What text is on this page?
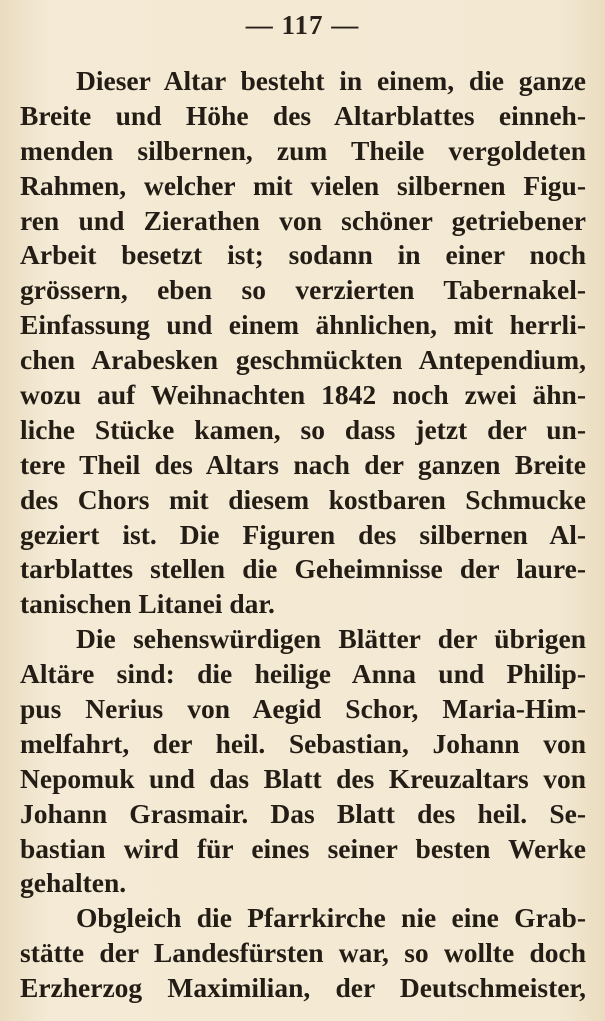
— 117 —
Dieser Altar besteht in einem, die ganze
Breite und Höhe des Altarblattes einneh-
menden silbernen, zum Theile vergoldeten
Rahmen, welcher mit vielen silbernen Figu-
ren und Zierathen von schöner getriebener
Arbeit besetzt ist; sodann in einer noch
grössern, eben so verzierten Tabernakel-
Einfassung und einem ähnlichen, mit herrli-
chen Arabesken geschmückten Antependium,
wozu auf Weihnachten 1842 noch zwei ähn-
liche Stücke kamen, so dass jetzt der un-
tere Theil des Altars nach der ganzen Breite
des Chors mit diesem kostbaren Schmucke
geziert ist. Die Figuren des silbernen Al-
tarblattes stellen die Geheimnisse der laure-
tanischen Litanei dar.
Die sehenswürdigen Blätter der übrigen
Altäre sind: die heilige Anna und Philip-
pus Nerius von Aegid Schor, Maria-Him-
melfahrt, der heil. Sebastian, Johann von
Nepomuk und das Blatt des Kreuzaltars von
Johann Grasmair. Das Blatt des heil. Se-
bastian wird für eines seiner besten Werke
gehalten.
Obgleich die Pfarrkirche nie eine Grab-
stätte der Landesfürsten war, so wollte doch
Erzherzog Maximilian, der Deutschmeister,
